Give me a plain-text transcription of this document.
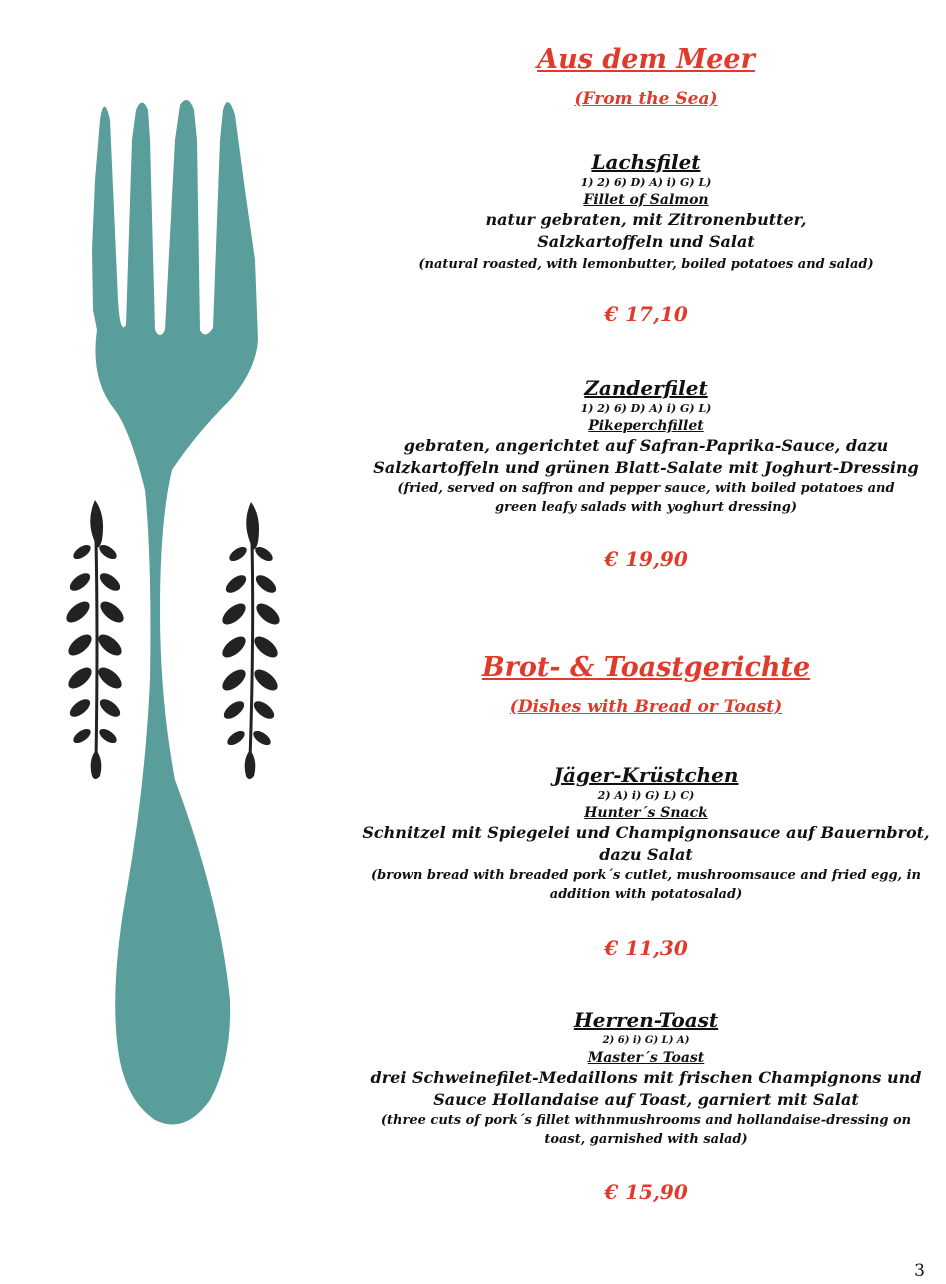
Aus dem Meer
(From the Sea)
Lachsfilet
1) 2) 6) D) A) i) G) L)
Fillet of Salmon
natur gebraten, mit Zitronenbutter, Salzkartoffeln und Salat
(natural roasted, with lemonbutter, boiled potatoes and salad)
€ 17,10
Zanderfilet
1) 2) 6) D) A) i) G) L)
Pikeperchfillet
gebraten, angerichtet auf Safran-Paprika-Sauce, dazu Salzkartoffeln und grünen Blatt-Salate mit Joghurt-Dressing
(fried, served on saffron and pepper sauce, with boiled potatoes and green leafy salads with yoghurt dressing)
€ 19,90
Brot- & Toastgerichte
(Dishes with Bread or Toast)
Jäger-Krüstchen
2) A) i) G) L) C)
Hunter´s Snack
Schnitzel mit Spiegelei und Champignonsauce auf Bauernbrot, dazu Salat
(brown bread with breaded pork´s cutlet, mushroomsauce and fried egg, in addition with potatosalad)
€ 11,30
Herren-Toast
2) 6) i) G) L) A)
Master´s Toast
drei Schweinefilet-Medaillons mit frischen Champignons und Sauce Hollandaise auf Toast, garniert mit Salat
(three cuts of pork´s fillet withnmushrooms and hollandaise-dressing on toast, garnished with salad)
€ 15,90
3
